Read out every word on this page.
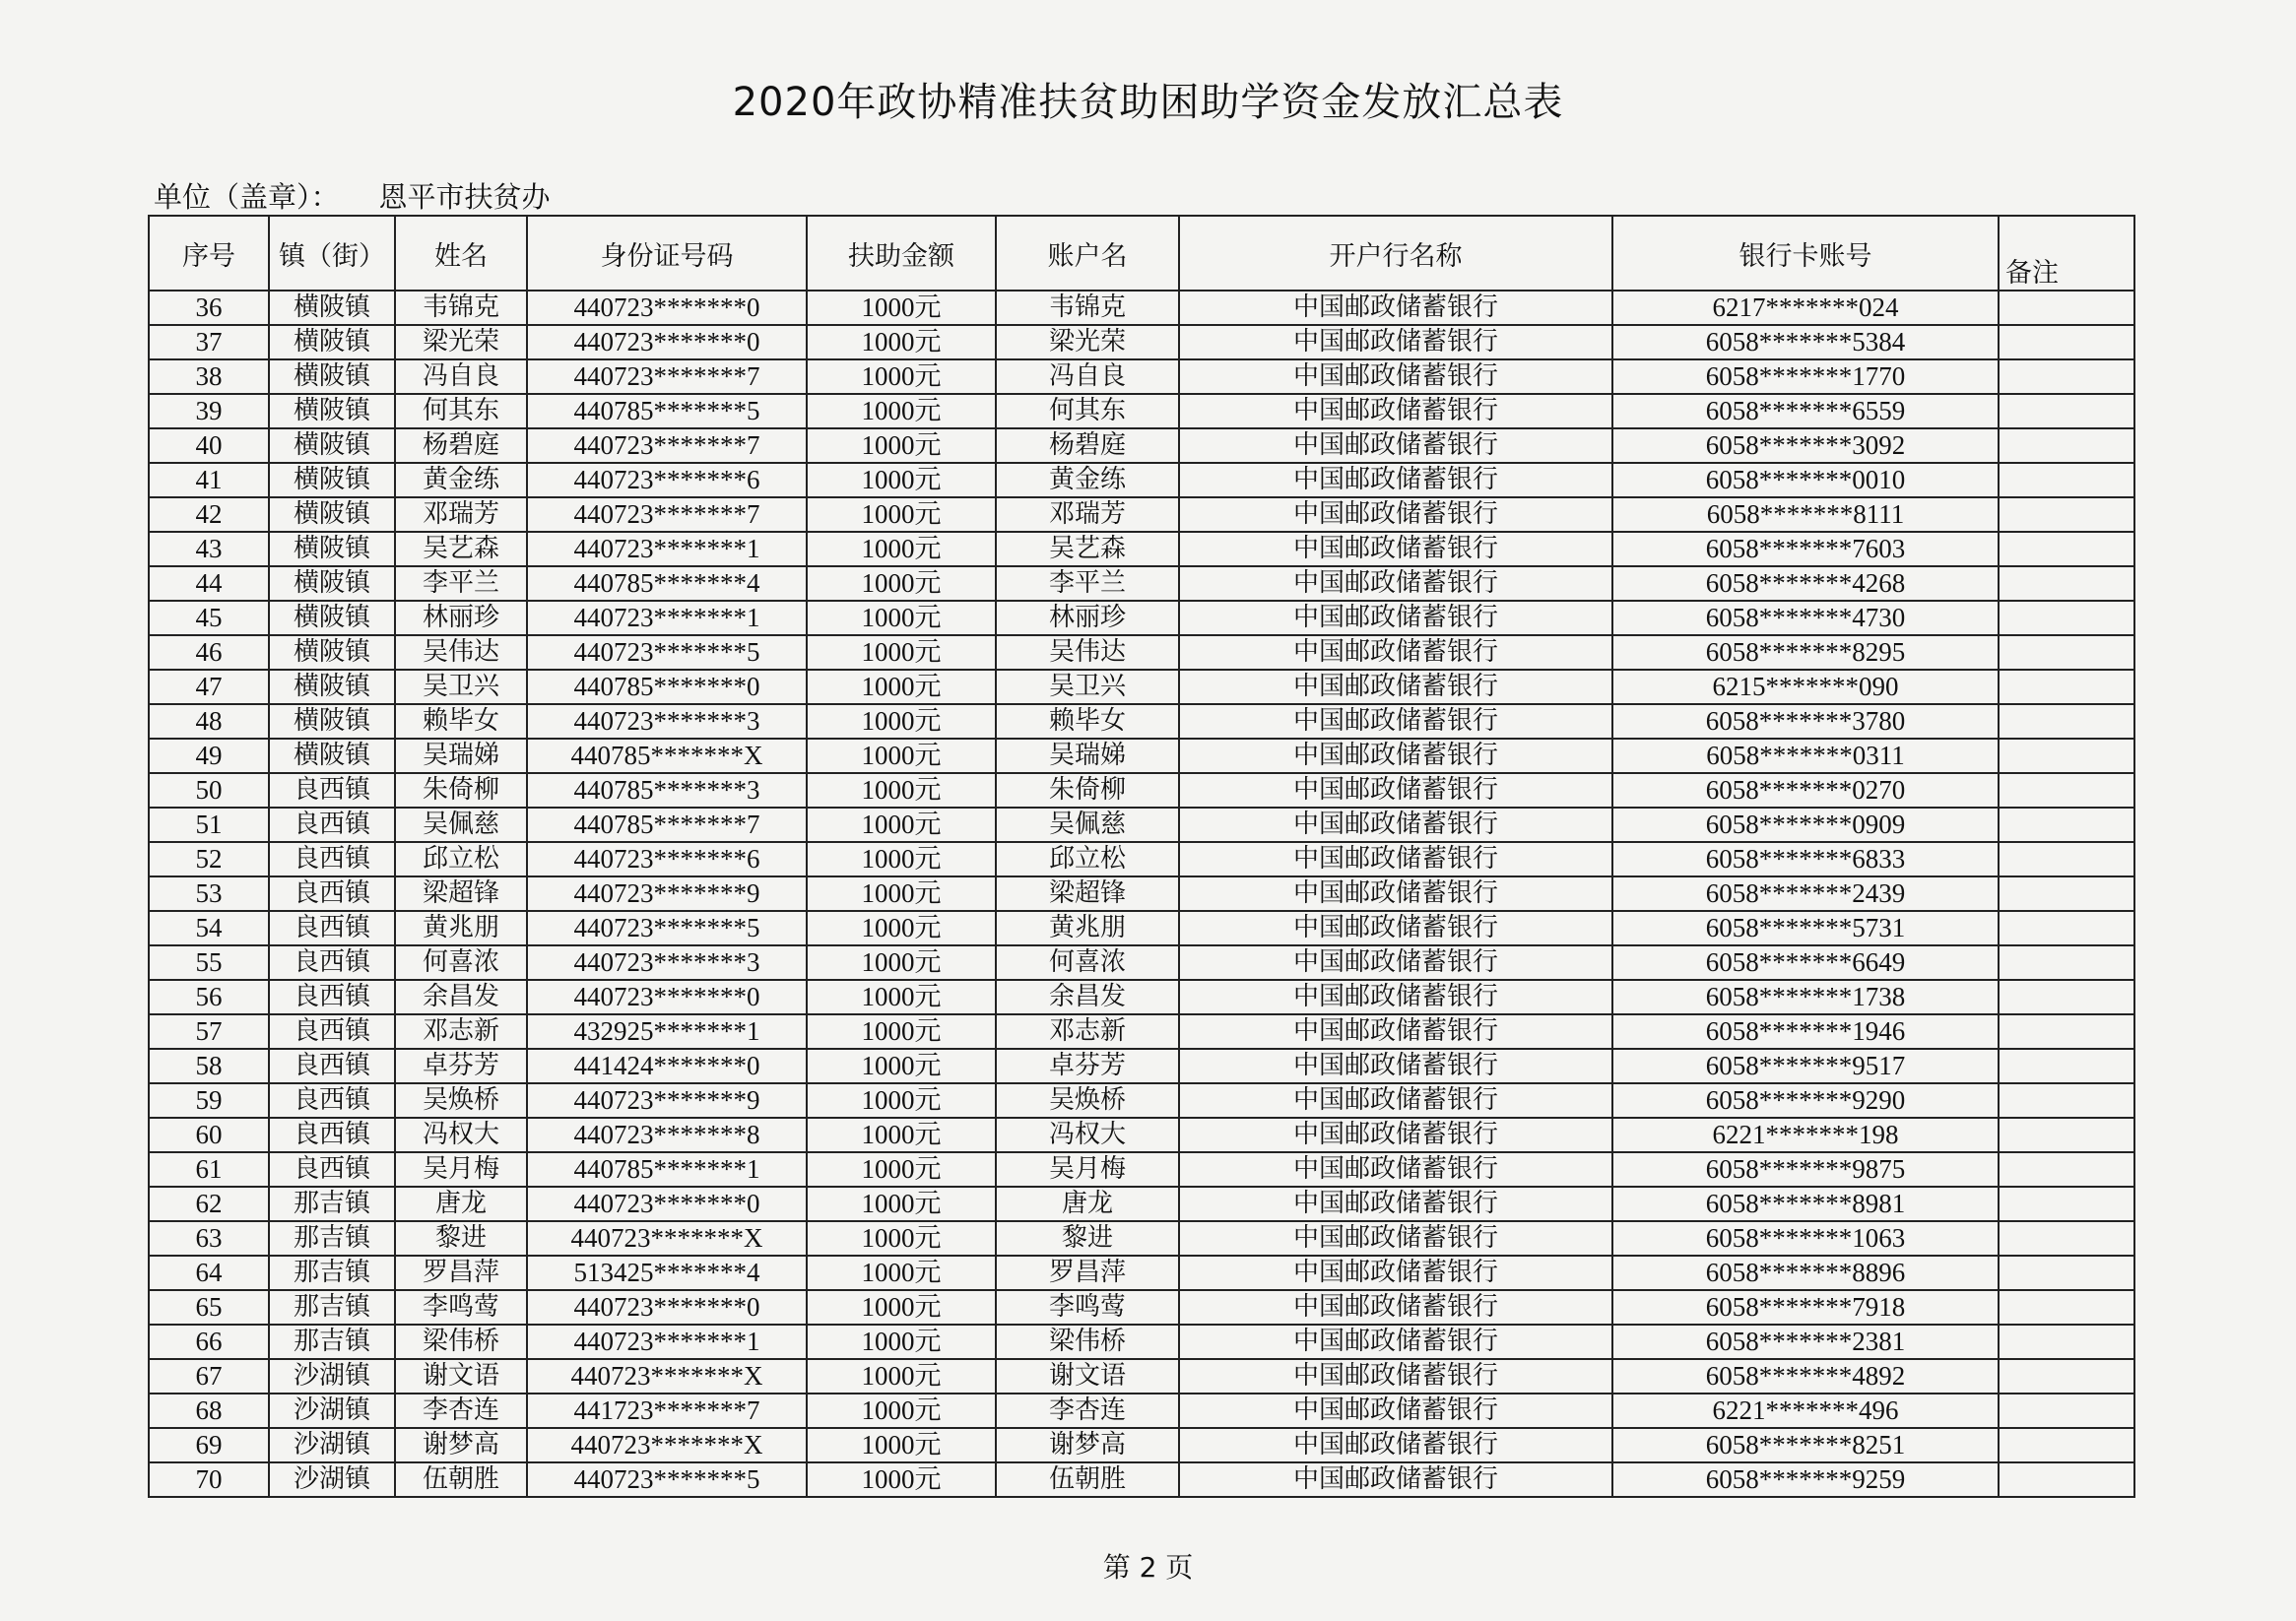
2020年政协精准扶贫助困助学资金发放汇总表
单位（盖章）： 恩平市扶贫办
序号	镇（街）	姓名	身份证号码	扶助金额	账户名	开户行名称	银行卡账号	备注
36	横陂镇	韦锦克	440723*******0	1000元	韦锦克	中国邮政储蓄银行	6217*******024	
37	横陂镇	梁光荣	440723*******0	1000元	梁光荣	中国邮政储蓄银行	6058*******5384	
38	横陂镇	冯自良	440723*******7	1000元	冯自良	中国邮政储蓄银行	6058*******1770	
39	横陂镇	何其东	440785*******5	1000元	何其东	中国邮政储蓄银行	6058*******6559	
40	横陂镇	杨碧庭	440723*******7	1000元	杨碧庭	中国邮政储蓄银行	6058*******3092	
41	横陂镇	黄金练	440723*******6	1000元	黄金练	中国邮政储蓄银行	6058*******0010	
42	横陂镇	邓瑞芳	440723*******7	1000元	邓瑞芳	中国邮政储蓄银行	6058*******8111	
43	横陂镇	吴艺森	440723*******1	1000元	吴艺森	中国邮政储蓄银行	6058*******7603	
44	横陂镇	李平兰	440785*******4	1000元	李平兰	中国邮政储蓄银行	6058*******4268	
45	横陂镇	林丽珍	440723*******1	1000元	林丽珍	中国邮政储蓄银行	6058*******4730	
46	横陂镇	吴伟达	440723*******5	1000元	吴伟达	中国邮政储蓄银行	6058*******8295	
47	横陂镇	吴卫兴	440785*******0	1000元	吴卫兴	中国邮政储蓄银行	6215*******090	
48	横陂镇	赖毕女	440723*******3	1000元	赖毕女	中国邮政储蓄银行	6058*******3780	
49	横陂镇	吴瑞娣	440785*******X	1000元	吴瑞娣	中国邮政储蓄银行	6058*******0311	
50	良西镇	朱倚柳	440785*******3	1000元	朱倚柳	中国邮政储蓄银行	6058*******0270	
51	良西镇	吴佩慈	440785*******7	1000元	吴佩慈	中国邮政储蓄银行	6058*******0909	
52	良西镇	邱立松	440723*******6	1000元	邱立松	中国邮政储蓄银行	6058*******6833	
53	良西镇	梁超锋	440723*******9	1000元	梁超锋	中国邮政储蓄银行	6058*******2439	
54	良西镇	黄兆朋	440723*******5	1000元	黄兆朋	中国邮政储蓄银行	6058*******5731	
55	良西镇	何喜浓	440723*******3	1000元	何喜浓	中国邮政储蓄银行	6058*******6649	
56	良西镇	余昌发	440723*******0	1000元	余昌发	中国邮政储蓄银行	6058*******1738	
57	良西镇	邓志新	432925*******1	1000元	邓志新	中国邮政储蓄银行	6058*******1946	
58	良西镇	卓芬芳	441424*******0	1000元	卓芬芳	中国邮政储蓄银行	6058*******9517	
59	良西镇	吴焕桥	440723*******9	1000元	吴焕桥	中国邮政储蓄银行	6058*******9290	
60	良西镇	冯权大	440723*******8	1000元	冯权大	中国邮政储蓄银行	6221*******198	
61	良西镇	吴月梅	440785*******1	1000元	吴月梅	中国邮政储蓄银行	6058*******9875	
62	那吉镇	唐龙	440723*******0	1000元	唐龙	中国邮政储蓄银行	6058*******8981	
63	那吉镇	黎进	440723*******X	1000元	黎进	中国邮政储蓄银行	6058*******1063	
64	那吉镇	罗昌萍	513425*******4	1000元	罗昌萍	中国邮政储蓄银行	6058*******8896	
65	那吉镇	李鸣莺	440723*******0	1000元	李鸣莺	中国邮政储蓄银行	6058*******7918	
66	那吉镇	梁伟桥	440723*******1	1000元	梁伟桥	中国邮政储蓄银行	6058*******2381	
67	沙湖镇	谢文语	440723*******X	1000元	谢文语	中国邮政储蓄银行	6058*******4892	
68	沙湖镇	李杏连	441723*******7	1000元	李杏连	中国邮政储蓄银行	6221*******496	
69	沙湖镇	谢梦高	440723*******X	1000元	谢梦高	中国邮政储蓄银行	6058*******8251	
70	沙湖镇	伍朝胜	440723*******5	1000元	伍朝胜	中国邮政储蓄银行	6058*******9259	
第 2 页
